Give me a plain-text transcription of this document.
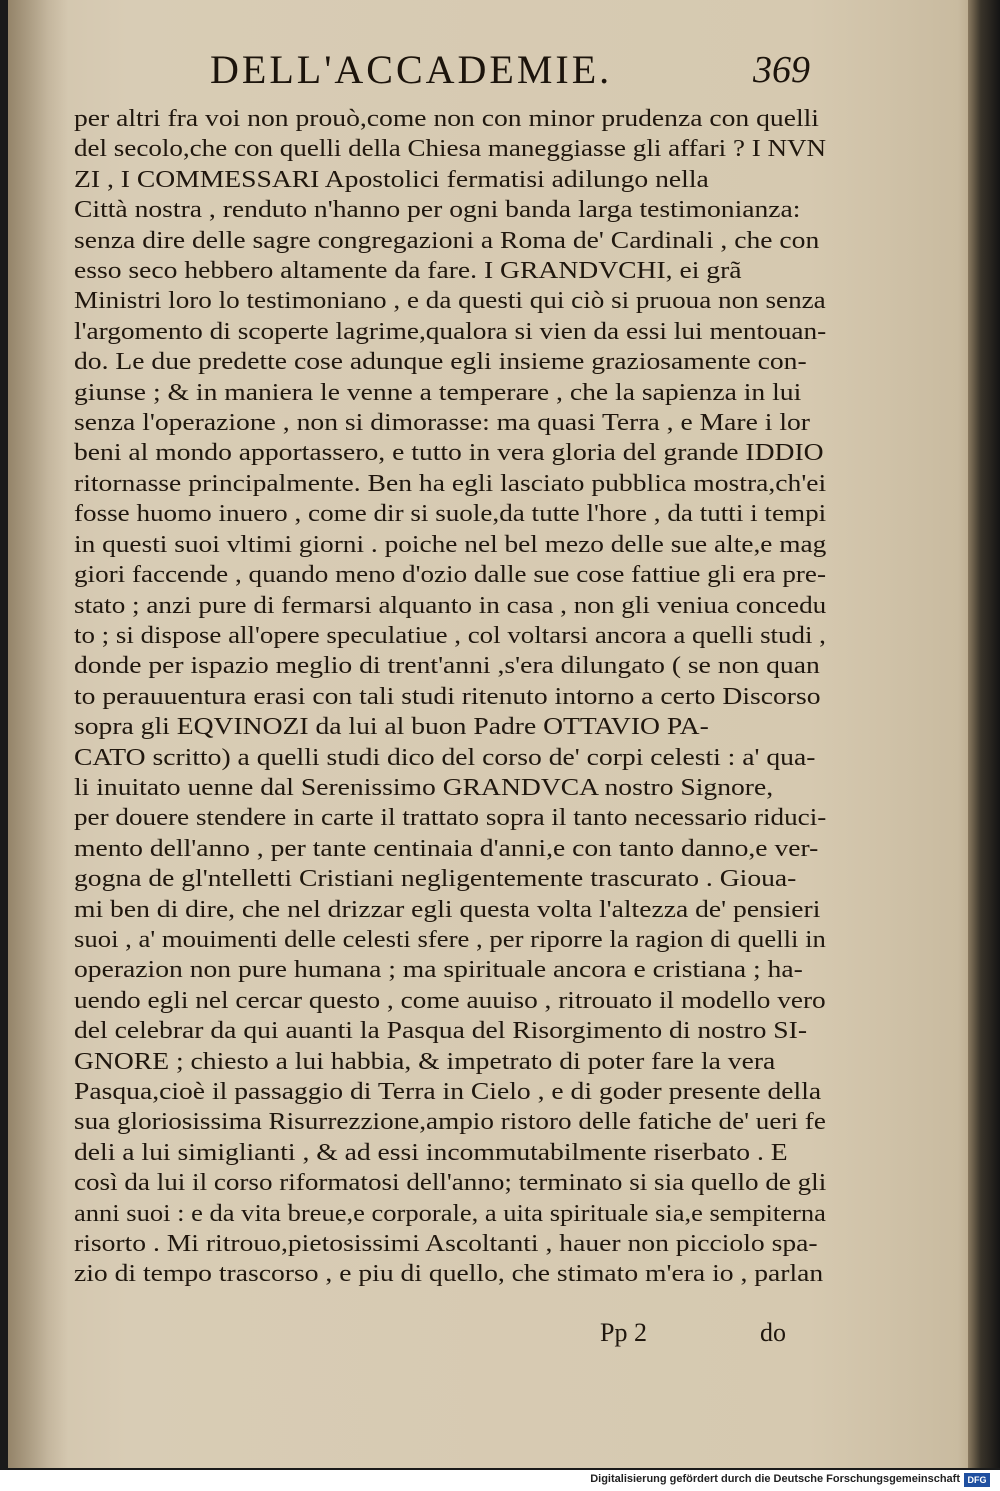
DELL'ACCADEMIE.	369
per altri fra voi non prouò,come non con minor prudenza con quelli
del secolo,che con quelli della Chiesa maneggiasse gli affari ? I NVN
ZI , I COMMESSARI Apostolici fermatisi adilungo nella
Città nostra , renduto n'hanno per ogni banda larga testimonianza:
senza dire delle sagre congregazioni a Roma de' Cardinali , che con
esso seco hebbero altamente da fare. I GRANDVCHI, ei grã
Ministri loro lo testimoniano , e da questi qui ciò si pruoua non senza
l'argomento di scoperte lagrime,qualora si vien da essi lui mentouan-
do. Le due predette cose adunque egli insieme graziosamente con-
giunse ; & in maniera le venne a temperare , che la sapienza in lui
senza l'operazione , non si dimorasse: ma quasi Terra , e Mare i lor
beni al mondo apportassero, e tutto in vera gloria del grande IDDIO
ritornasse principalmente. Ben ha egli lasciato pubblica mostra,ch'ei
fosse huomo inuero , come dir si suole,da tutte l'hore , da tutti i tempi
in questi suoi vltimi giorni . poiche nel bel mezo delle sue alte,e mag
giori faccende , quando meno d'ozio dalle sue cose fattiue gli era pre-
stato ; anzi pure di fermarsi alquanto in casa , non gli veniua concedu
to ; si dispose all'opere speculatiue , col voltarsi ancora a quelli studi ,
donde per ispazio meglio di trent'anni ,s'era dilungato ( se non quan
to perauuentura erasi con tali studi ritenuto intorno a certo Discorso
sopra gli EQVINOZI da lui al buon Padre OTTAVIO PA-
CATO scritto) a quelli studi dico del corso de' corpi celesti : a' qua-
li inuitato uenne dal Serenissimo GRANDVCA nostro Signore,
per douere stendere in carte il trattato sopra il tanto necessario riduci-
mento dell'anno , per tante centinaia d'anni,e con tanto danno,e ver-
gogna de gl'ntelletti Cristiani negligentemente trascurato . Gioua-
mi ben di dire, che nel drizzar egli questa volta l'altezza de' pensieri
suoi , a' mouimenti delle celesti sfere , per riporre la ragion di quelli in
operazion non pure humana ; ma spirituale ancora e cristiana ; ha-
uendo egli nel cercar questo , come auuiso , ritrouato il modello vero
del celebrar da qui auanti la Pasqua del Risorgimento di nostro SI-
GNORE ; chiesto a lui habbia, & impetrato di poter fare la vera
Pasqua,cioè il passaggio di Terra in Cielo , e di goder presente della
sua gloriosissima Risurrezzione,ampio ristoro delle fatiche de' ueri fe
deli a lui simiglianti , & ad essi incommutabilmente riserbato . E
così da lui il corso riformatosi dell'anno; terminato si sia quello de gli
anni suoi : e da vita breue,e corporale, a uita spirituale sia,e sempiterna
risorto . Mi ritrouo,pietosissimi Ascoltanti , hauer non picciolo spa-
zio di tempo trascorso , e piu di quello, che stimato m'era io , parlan
Pp 2	do
Digitalisierung gefördert durch die Deutsche Forschungsgemeinschaft DFG
